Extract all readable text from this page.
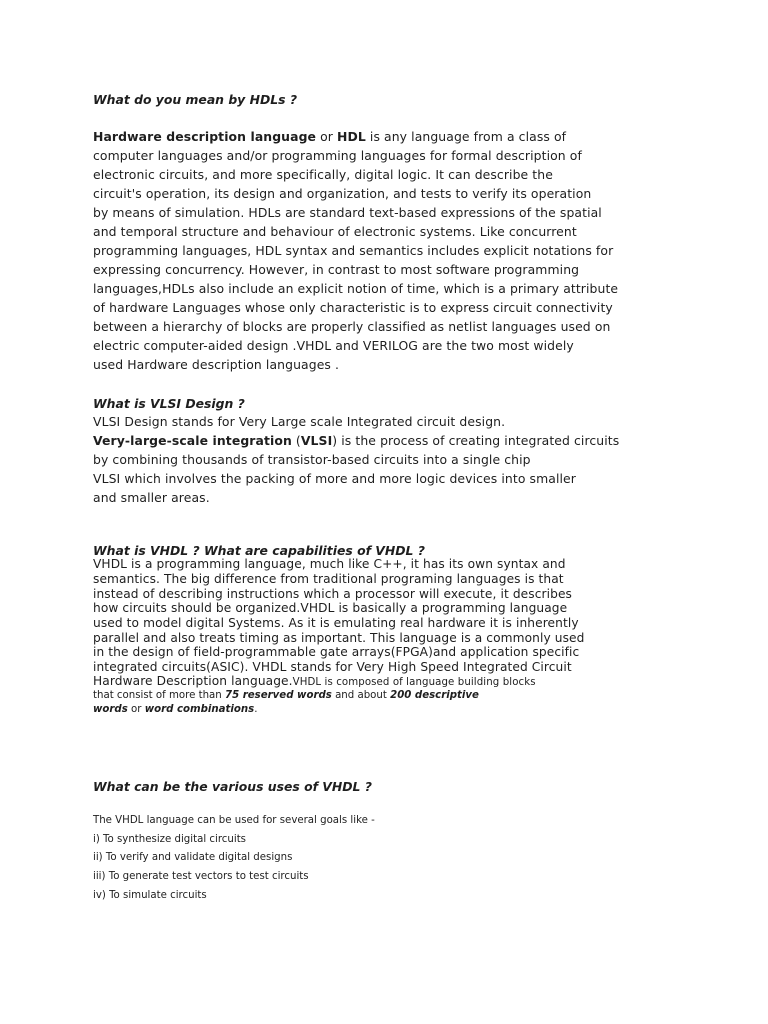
What do you mean by HDLs ?
Hardware description language or HDL is any language from a class of
computer languages and/or programming languages for formal description of
electronic circuits, and more specifically, digital logic. It can describe the
circuit's operation, its design and organization, and tests to verify its operation
by means of simulation. HDLs are standard text-based expressions of the spatial
and temporal structure and behaviour of electronic systems. Like concurrent
programming languages, HDL syntax and semantics includes explicit notations for
expressing concurrency. However, in contrast to most software programming
languages,HDLs also include an explicit notion of time, which is a primary attribute
of hardware Languages whose only characteristic is to express circuit connectivity
between a hierarchy of blocks are properly classified as netlist languages used on
electric computer-aided design .VHDL and VERILOG are the two most widely
used Hardware description languages .
What is VLSI Design ?
VLSI Design stands for Very Large scale Integrated circuit design.
Very-large-scale integration (VLSI) is the process of creating integrated circuits
by combining thousands of transistor-based circuits into a single chip
VLSI which involves the packing of more and more logic devices into smaller
and smaller areas.
What is VHDL ? What are capabilities of VHDL ?
VHDL is a programming language, much like C++, it has its own syntax and
semantics. The big difference from traditional programing languages is that
instead of describing instructions which a processor will execute, it describes
how circuits should be organized.VHDL is basically a programming language
used to model digital Systems. As it is emulating real hardware it is inherently
parallel and also treats timing as important. This language is a commonly used
in the design of field-programmable gate arrays(FPGA)and application specific
integrated circuits(ASIC). VHDL stands for Very High Speed Integrated Circuit
Hardware Description language.VHDL is composed of language building blocks
that consist of more than 75 reserved words and about 200 descriptive
words or word combinations.
What can be the various uses of VHDL ?
The VHDL language can be used for several goals like -
i) To synthesize digital circuits
ii) To verify and validate digital designs
iii) To generate test vectors to test circuits
iv) To simulate circuits
